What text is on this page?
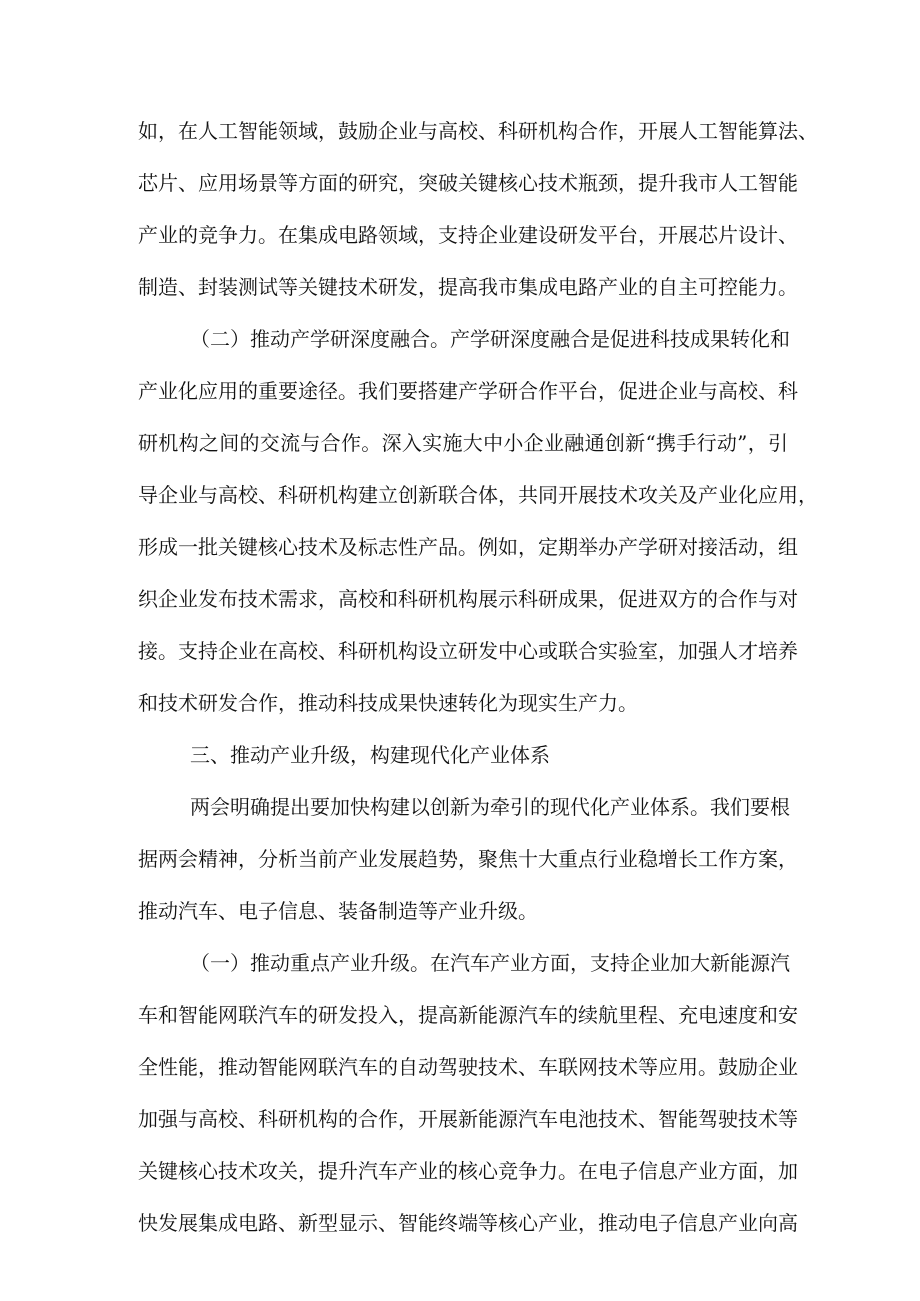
如，在人工智能领域，鼓励企业与高校、科研机构合作，开展人工智能算法、
芯片、应用场景等方面的研究，突破关键核心技术瓶颈，提升我市人工智能
产业的竞争力。在集成电路领域，支持企业建设研发平台，开展芯片设计、
制造、封装测试等关键技术研发，提高我市集成电路产业的自主可控能力。
（二）推动产学研深度融合。产学研深度融合是促进科技成果转化和
产业化应用的重要途径。我们要搭建产学研合作平台，促进企业与高校、科
研机构之间的交流与合作。深入实施大中小企业融通创新“携手行动”，引
导企业与高校、科研机构建立创新联合体，共同开展技术攻关及产业化应用，
形成一批关键核心技术及标志性产品。例如，定期举办产学研对接活动，组
织企业发布技术需求，高校和科研机构展示科研成果，促进双方的合作与对
接。支持企业在高校、科研机构设立研发中心或联合实验室，加强人才培养
和技术研发合作，推动科技成果快速转化为现实生产力。
三、推动产业升级，构建现代化产业体系
两会明确提出要加快构建以创新为牵引的现代化产业体系。我们要根
据两会精神，分析当前产业发展趋势，聚焦十大重点行业稳增长工作方案，
推动汽车、电子信息、装备制造等产业升级。
（一）推动重点产业升级。在汽车产业方面，支持企业加大新能源汽
车和智能网联汽车的研发投入，提高新能源汽车的续航里程、充电速度和安
全性能，推动智能网联汽车的自动驾驶技术、车联网技术等应用。鼓励企业
加强与高校、科研机构的合作，开展新能源汽车电池技术、智能驾驶技术等
关键核心技术攻关，提升汽车产业的核心竞争力。在电子信息产业方面，加
快发展集成电路、新型显示、智能终端等核心产业，推动电子信息产业向高
